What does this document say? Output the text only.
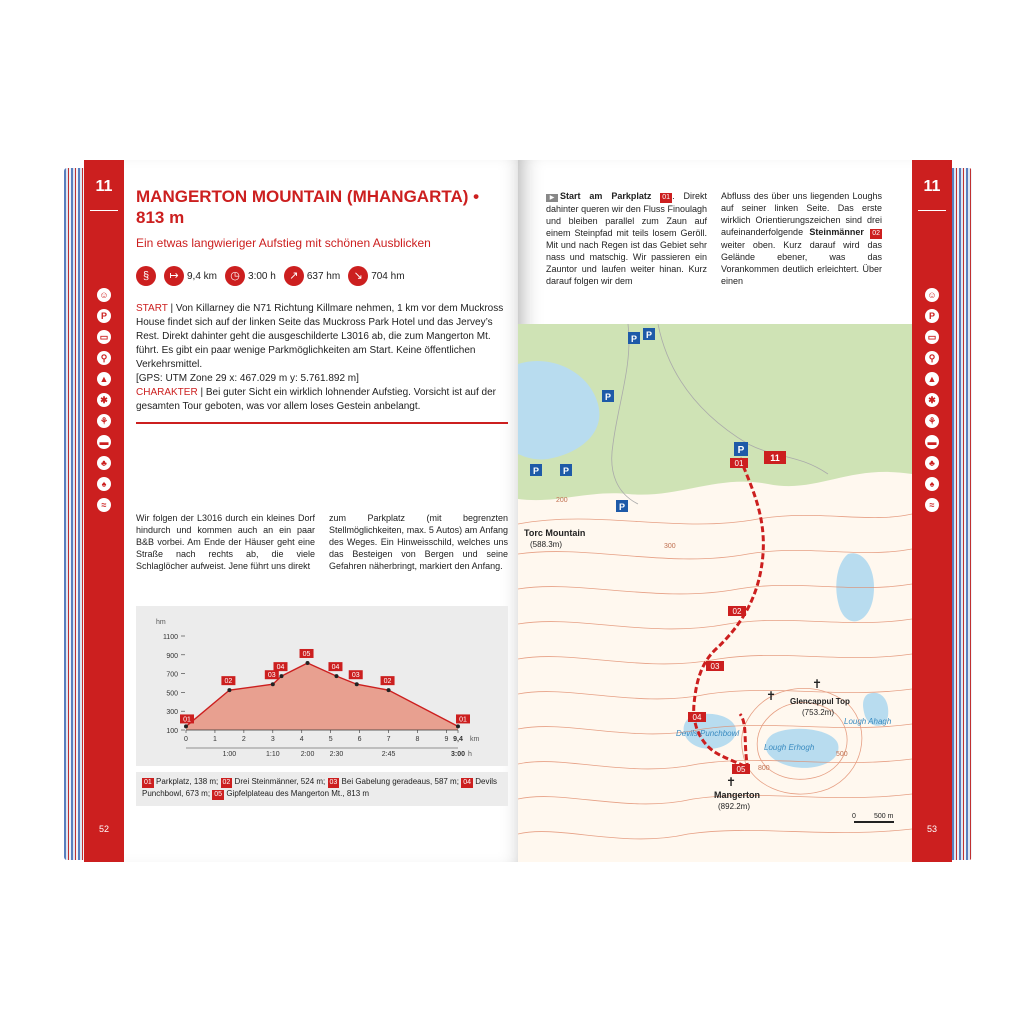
11
☺
P
▭
⚲
▲
✱
⚘
▬
♣
♠
≈
52
MANGERTON MOUNTAIN (MHANGARTA) • 813 m
Ein etwas langwieriger Aufstieg mit schönen Ausblicken
§	↦ 9,4 km	◷ 3:00 h	↗ 637 hm	↘ 704 hm
START | Von Killarney die N71 Richtung Killmare nehmen, 1 km vor dem Muckross House findet sich auf der linken Seite das Muckross Park Hotel und das Jervey’s Rest. Direkt dahinter geht die ausgeschilderte L3016 ab, die zum Mangerton Mt. führt. Es gibt ein paar wenige Parkmöglichkeiten am Start. Keine öffentlichen Verkehrsmittel.
[GPS: UTM Zone 29 x: 467.029 m y: 5.761.892 m]
CHARAKTER | Bei guter Sicht ein wirklich lohnender Aufstieg. Vorsicht ist auf der gesamten Tour geboten, was vor allem loses Gestein anbelangt.

Wir folgen der L3016 durch ein kleines Dorf hindurch und kommen auch an ein paar B&B vorbei. Am Ende der Häuser geht eine Straße nach rechts ab, die viele Schlaglöcher aufweist. Jene führt uns direkt

zum Parkplatz (mit begrenzten Stellmöglichkeiten, max. 5 Autos) am Anfang des Weges. Ein Hinweisschild, welches uns das Besteigen von Bergen und seine Gefahren näherbringt, markiert den Anfang.

hm
1100
900
700
500
300
100
0	1	2	3	4	5	6	7	8	9 9,4 km
1:00	1:10	2:00 2:30	2:45	3:00 h
01
02
03
04
05
04
03
02
01
01 Parkplatz, 138 m; 02 Drei Steinmänner, 524 m; 03 Bei Gabelung geradeaus, 587 m; 04 Devils Punchbowl, 673 m; 05 Gipfelplateau des Mangerton Mt., 813 m
11
☺
P
▭
⚲
▲
✱
⚘
▬
♣
♠
≈
53

▶ Start am Parkplatz 01 . Direkt dahinter queren wir den Fluss Finoulagh und bleiben parallel zum Zaun auf einem Steinpfad mit teils losem Geröll. Mit und nach Regen ist das Gebiet sehr nass und matschig. Wir passieren ein Zauntor und laufen weiter hinan. Kurz darauf folgen wir dem

Abfluss des über uns liegenden Loughs auf seiner linken Seite. Das erste wirklich Orientierungszeichen sind drei aufeinanderfolgende Steinmänner 02 weiter oben. Kurz darauf wird das Gelände ebener, was das Vorankommen deutlich erleichtert. Über einen

P P
P
P	P
P
P
01
11
02
03
04
05
Torc Mountain
(588.3m)
Glencappul Top
(753.2m)
Mangerton
(892.2m)
Lough Erhogh
Lough Ahagh
Devils Punchbowl
200
300
500
800
✝
✝
✝
0	500 m
